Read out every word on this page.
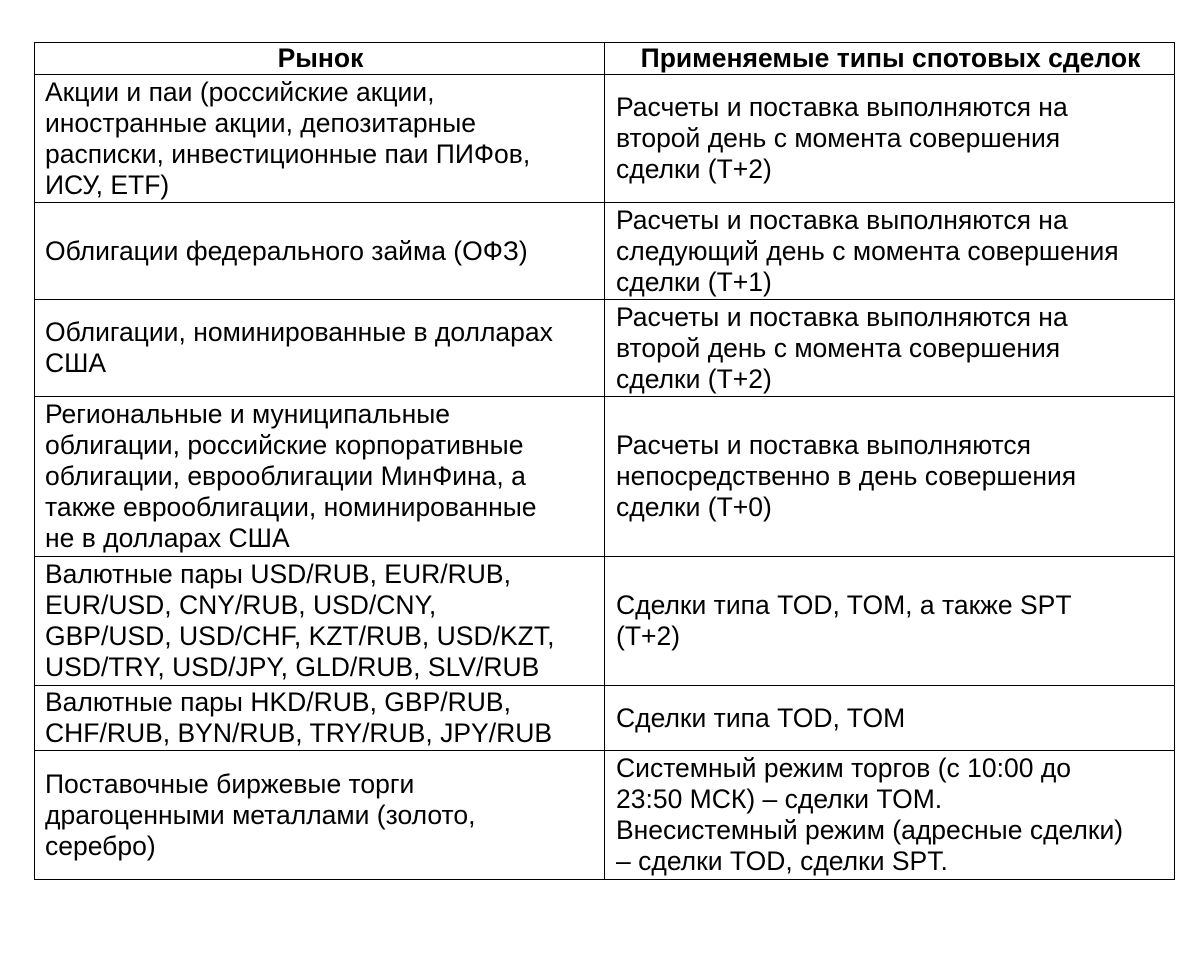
Рынок	Применяемые типы спотовых сделок
Акции и паи (российские акции,
иностранные акции, депозитарные
расписки, инвестиционные паи ПИФов,
ИСУ, ETF)	Расчеты и поставка выполняются на
второй день с момента совершения
сделки (T+2)
Облигации федерального займа (ОФЗ)	Расчеты и поставка выполняются на
следующий день с момента совершения
сделки (T+1)
Облигации, номинированные в долларах
США	Расчеты и поставка выполняются на
второй день с момента совершения
сделки (T+2)
Региональные и муниципальные
облигации, российские корпоративные
облигации, еврооблигации МинФина, а
также еврооблигации, номинированные
не в долларах США	Расчеты и поставка выполняются
непосредственно в день совершения
сделки (T+0)
Валютные пары USD/RUB, EUR/RUB,
EUR/USD, CNY/RUB, USD/CNY,
GBP/USD, USD/CHF, KZT/RUB, USD/KZT,
USD/TRY, USD/JPY, GLD/RUB, SLV/RUB	Сделки типа TOD, TOM, а также SPT
(T+2)
Валютные пары HKD/RUB, GBP/RUB,
CHF/RUB, BYN/RUB, TRY/RUB, JPY/RUB	Сделки типа TOD, TOM
Поставочные биржевые торги
драгоценными металлами (золото,
серебро)	Системный режим торгов (с 10:00 до
23:50 МСК) – сделки TOM.
Внесистемный режим (адресные сделки)
– сделки TOD, сделки SPT.
